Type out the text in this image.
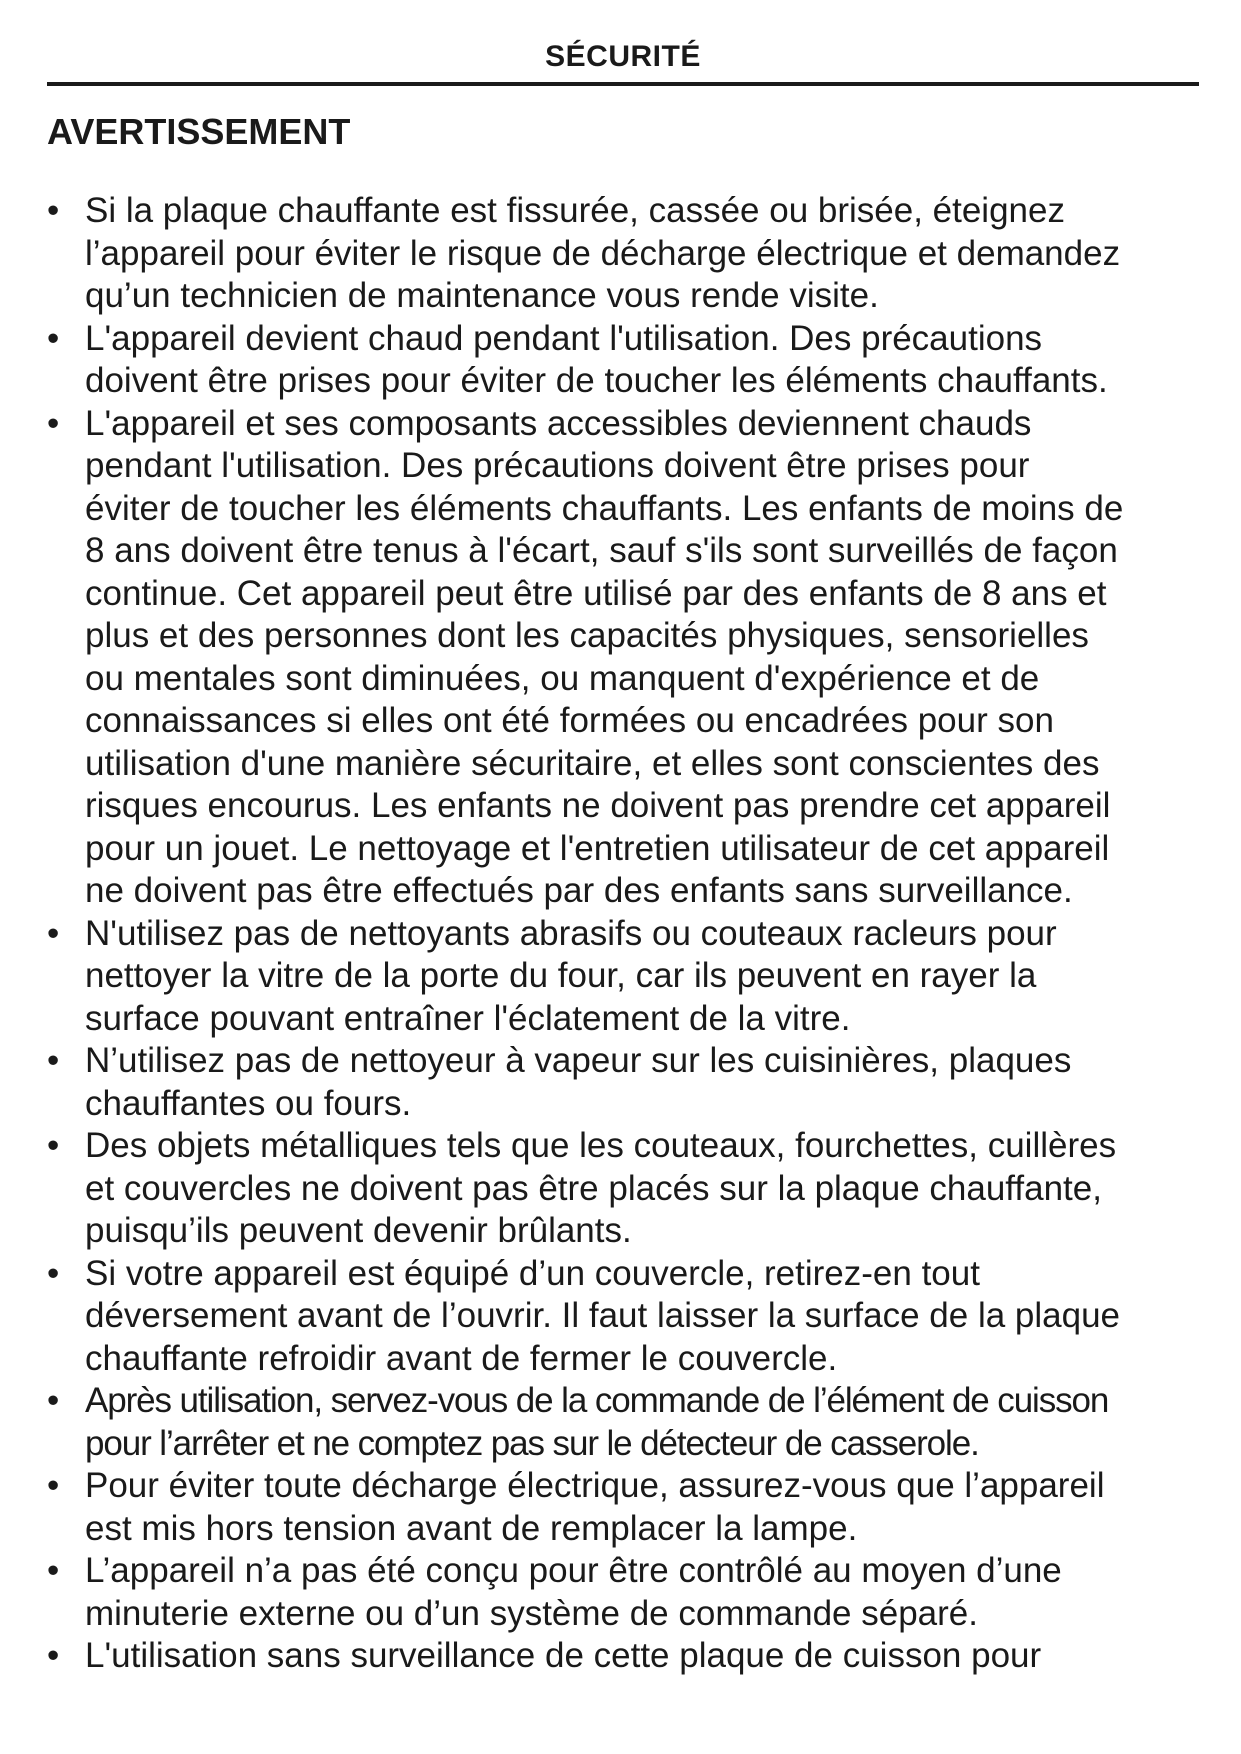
SÉCURITÉ
AVERTISSEMENT
• Si la plaque chauffante est fissurée, cassée ou brisée, éteignez
l’appareil pour éviter le risque de décharge électrique et demandez
qu’un technicien de maintenance vous rende visite.
• L'appareil devient chaud pendant l'utilisation. Des précautions
doivent être prises pour éviter de toucher les éléments chauffants.
• L'appareil et ses composants accessibles deviennent chauds
pendant l'utilisation. Des précautions doivent être prises pour
éviter de toucher les éléments chauffants. Les enfants de moins de
8 ans doivent être tenus à l'écart, sauf s'ils sont surveillés de façon
continue. Cet appareil peut être utilisé par des enfants de 8 ans et
plus et des personnes dont les capacités physiques, sensorielles
ou mentales sont diminuées, ou manquent d'expérience et de
connaissances si elles ont été formées ou encadrées pour son
utilisation d'une manière sécuritaire, et elles sont conscientes des
risques encourus. Les enfants ne doivent pas prendre cet appareil
pour un jouet. Le nettoyage et l'entretien utilisateur de cet appareil
ne doivent pas être effectués par des enfants sans surveillance.
• N'utilisez pas de nettoyants abrasifs ou couteaux racleurs pour
nettoyer la vitre de la porte du four, car ils peuvent en rayer la
surface pouvant entraîner l'éclatement de la vitre.
• N’utilisez pas de nettoyeur à vapeur sur les cuisinières, plaques
chauffantes ou fours.
• Des objets métalliques tels que les couteaux, fourchettes, cuillères
et couvercles ne doivent pas être placés sur la plaque chauffante,
puisqu’ils peuvent devenir brûlants.
• Si votre appareil est équipé d’un couvercle, retirez-en tout
déversement avant de l’ouvrir. Il faut laisser la surface de la plaque
chauffante refroidir avant de fermer le couvercle.
• Après utilisation, servez-vous de la commande de l’élément de cuisson
pour l’arrêter et ne comptez pas sur le détecteur de casserole.
• Pour éviter toute décharge électrique, assurez-vous que l’appareil
est mis hors tension avant de remplacer la lampe.
• L’appareil n’a pas été conçu pour être contrôlé au moyen d’une
minuterie externe ou d’un système de commande séparé.
• L'utilisation sans surveillance de cette plaque de cuisson pour
